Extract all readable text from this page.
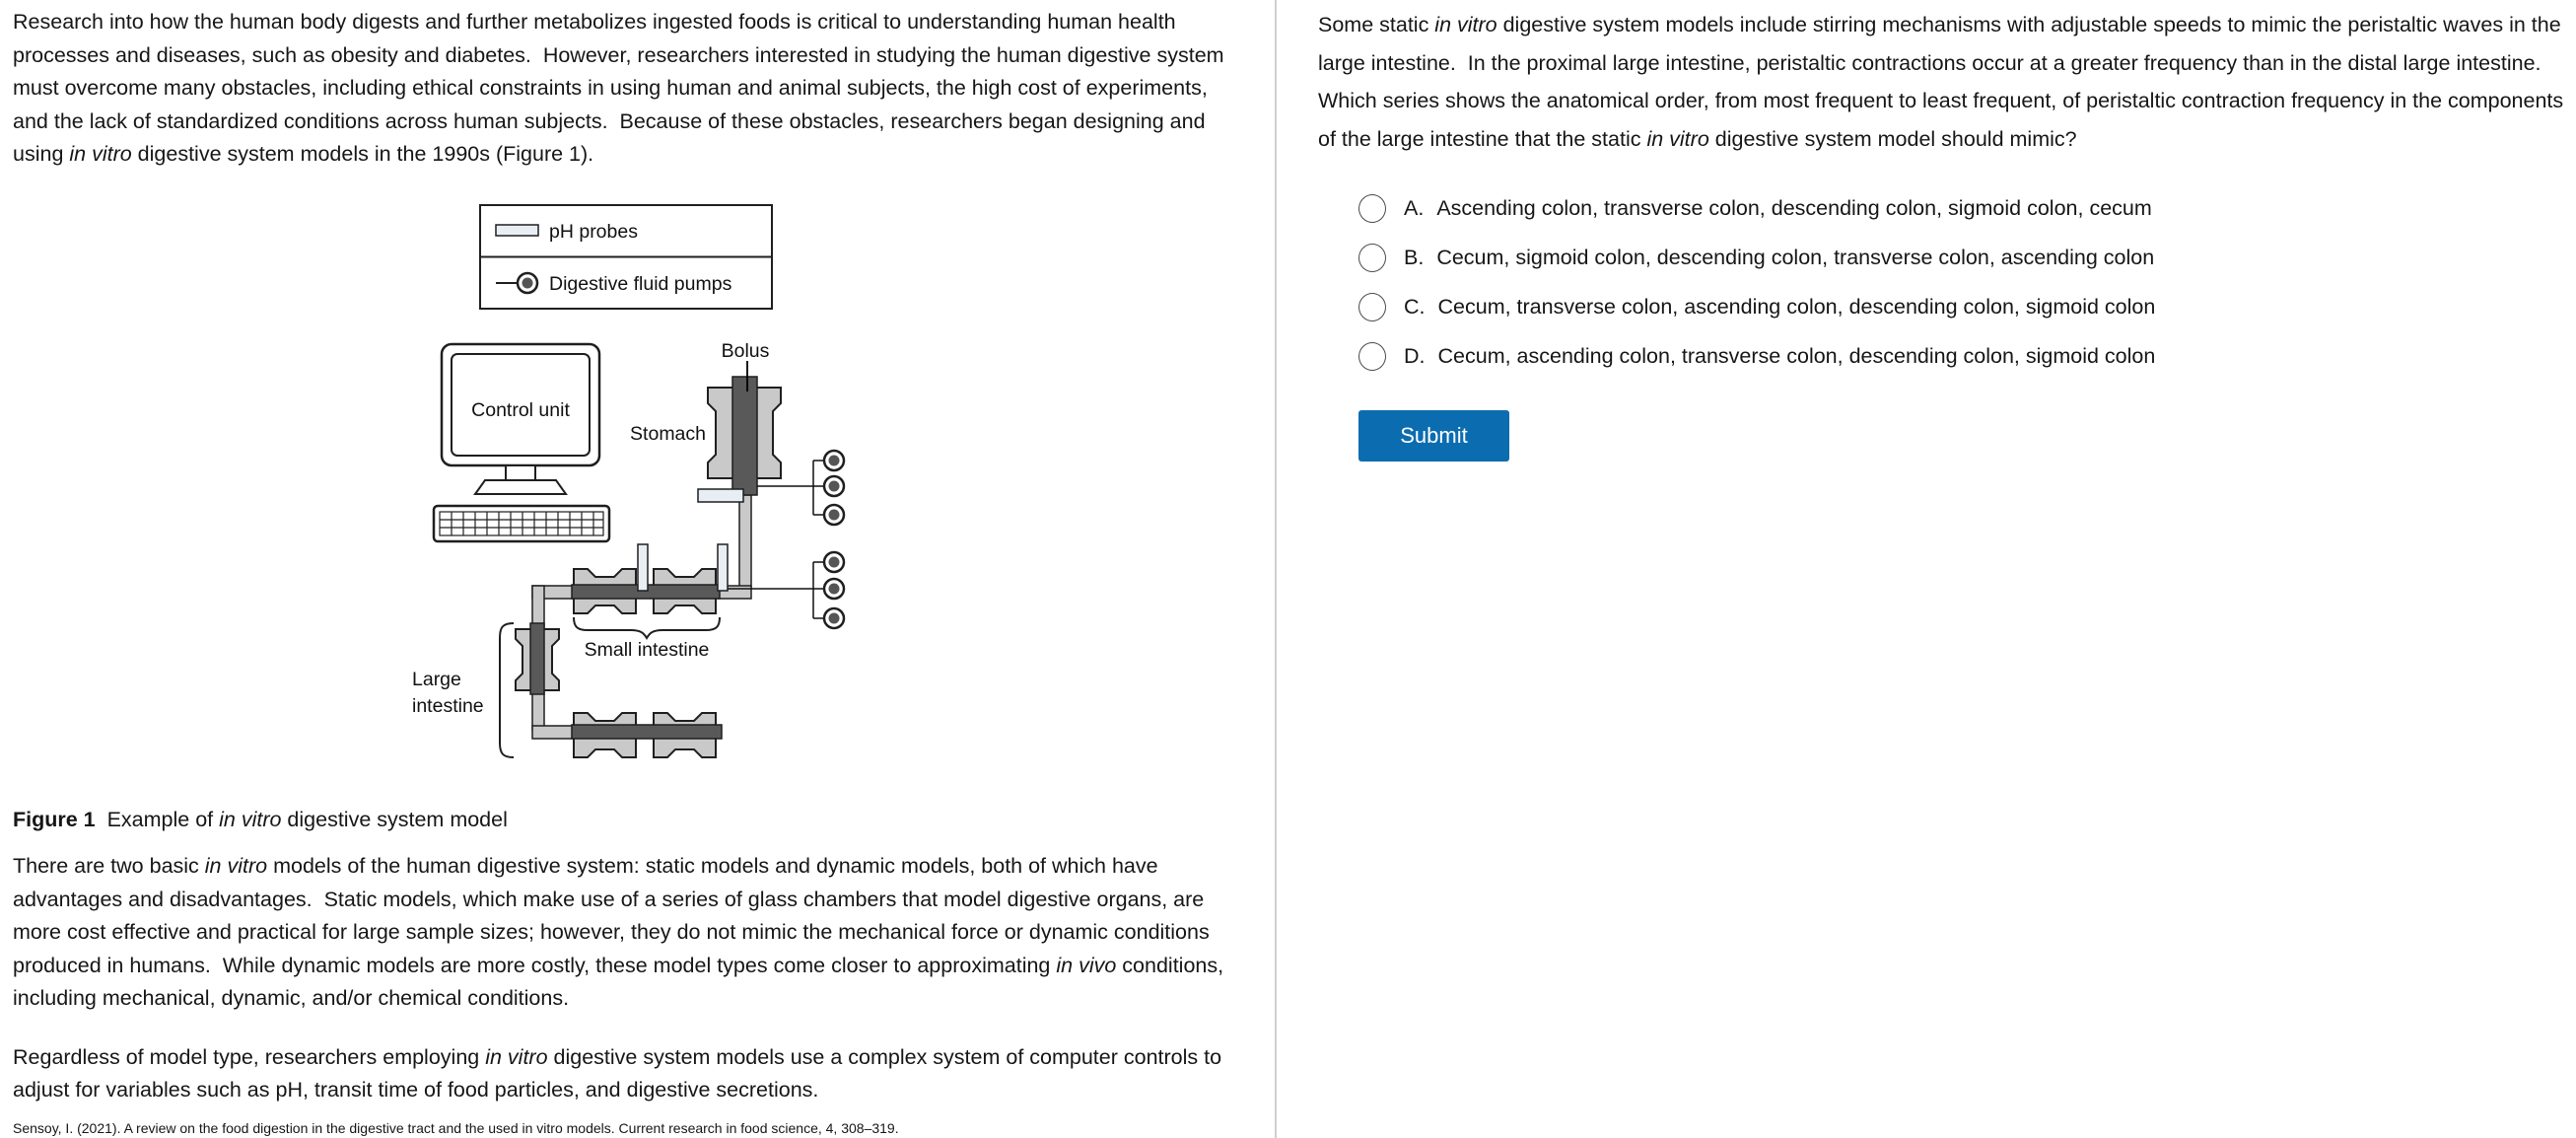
Research into how the human body digests and further metabolizes ingested foods is critical to understanding human health processes and diseases, such as obesity and diabetes.  However, researchers interested in studying the human digestive system must overcome many obstacles, including ethical constraints in using human and animal subjects, the high cost of experiments, and the lack of standardized conditions across human subjects.  Because of these obstacles, researchers began designing and using in vitro digestive system models in the 1990s (Figure 1).

pH probes
Digestive fluid pumps
Control unit
Bolus
Stomach
Small intestine
Large
intestine

Figure 1  Example of in vitro digestive system model

There are two basic in vitro models of the human digestive system: static models and dynamic models, both of which have advantages and disadvantages.  Static models, which make use of a series of glass chambers that model digestive organs, are more cost effective and practical for large sample sizes; however, they do not mimic the mechanical force or dynamic conditions produced in humans.  While dynamic models are more costly, these model types come closer to approximating in vivo conditions, including mechanical, dynamic, and/or chemical conditions.

Regardless of model type, researchers employing in vitro digestive system models use a complex system of computer controls to adjust for variables such as pH, transit time of food particles, and digestive secretions.

Sensoy, I. (2021). A review on the food digestion in the digestive tract and the used in vitro models. Current research in food science, 4, 308–319.

Some static in vitro digestive system models include stirring mechanisms with adjustable speeds to mimic the peristaltic waves in the large intestine.  In the proximal large intestine, peristaltic contractions occur at a greater frequency than in the distal large intestine.  Which series shows the anatomical order, from most frequent to least frequent, of peristaltic contraction frequency in the components of the large intestine that the static in vitro digestive system model should mimic?

A. Ascending colon, transverse colon, descending colon, sigmoid colon, cecum
B. Cecum, sigmoid colon, descending colon, transverse colon, ascending colon
C. Cecum, transverse colon, ascending colon, descending colon, sigmoid colon
D. Cecum, ascending colon, transverse colon, descending colon, sigmoid colon
Submit
